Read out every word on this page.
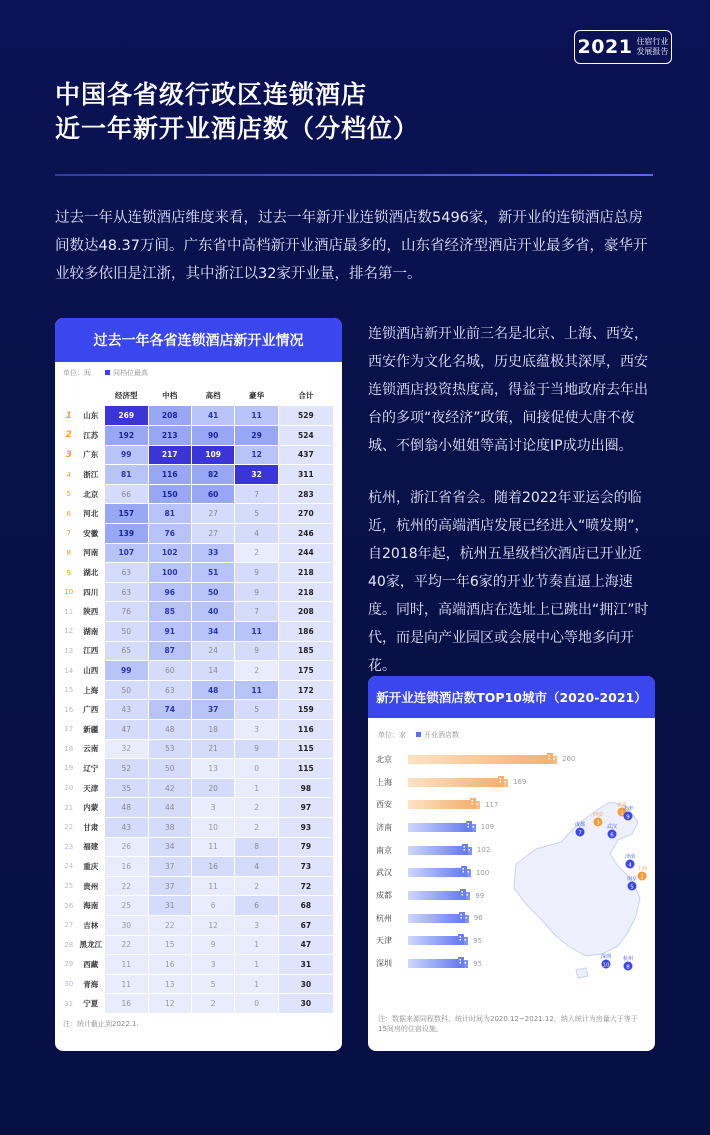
2021 住宿行业
发展报告
中国各省级行政区连锁酒店
近一年新开业酒店数（分档位）

过去一年从连锁酒店维度来看，过去一年新开业连锁酒店数5496家，新开业的连锁酒店总房间数达48.37万间。广东省中高档新开业酒店最多的，山东省经济型酒店开业最多省，豪华开业较多依旧是江浙，其中浙江以32家开业量，排名第一。

过去一年各省连锁酒店新开业情况
单位：间	同档位最高
		经济型	中档	高档	豪华	合计
1	山东	269	208	41	11	529
2	江苏	192	213	90	29	524
3	广东	99	217	109	12	437
4	浙江	81	116	82	32	311
5	北京	66	150	60	7	283
6	河北	157	81	27	5	270
7	安徽	139	76	27	4	246
8	河南	107	102	33	2	244
9	湖北	63	100	51	9	218
10	四川	63	96	50	9	218
11	陕西	76	85	40	7	208
12	湖南	50	91	34	11	186
13	江西	65	87	24	9	185
14	山西	99	60	14	2	175
15	上海	50	63	48	11	172
16	广西	43	74	37	5	159
17	新疆	47	48	18	3	116
18	云南	32	53	21	9	115
19	辽宁	52	50	13	0	115
20	天津	35	42	20	1	98
21	内蒙	48	44	3	2	97
22	甘肃	43	38	10	2	93
23	福建	26	34	11	8	79
24	重庆	16	37	16	4	73
25	贵州	22	37	11	2	72
26	海南	25	31	6	6	68
27	吉林	30	22	12	3	67
28	黑龙江	22	15	9	1	47
29	西藏	11	16	3	1	31
30	青海	11	13	5	1	30
31	宁夏	16	12	2	0	30
注：统计截止到2022.1.

连锁酒店新开业前三名是北京、上海、西安，西安作为文化名城，历史底蕴极其深厚，西安连锁酒店投资热度高，得益于当地政府去年出台的多项“夜经济”政策，间接促使大唐不夜城、不倒翁小姐姐等高讨论度IP成功出圈。

杭州，浙江省省会。随着2022年亚运会的临近，杭州的高端酒店发展已经进入“喷发期”，自2018年起，杭州五星级档次酒店已开业近40家，平均一年6家的开业节奏直逼上海速度。同时，高端酒店在选址上已跳出“拥江”时代，而是向产业园区或会展中心等地多向开花。

新开业连锁酒店数TOP10城市（2020-2021）
单位：家	开业酒店数
北京	260
上海	169
西安	117
济南	109
南京	102
武汉	100
成都	99
杭州	96
天津	95
深圳	95
1
北京
9
天津
3
西安
7
成都
2
上海
8
杭州
10
深圳
4
济南
5
南京
6
武汉
注：数据来源同程数科，统计时间为2020.12~2021.12，纳入统计为房量大于等于15间房的住宿设施。
